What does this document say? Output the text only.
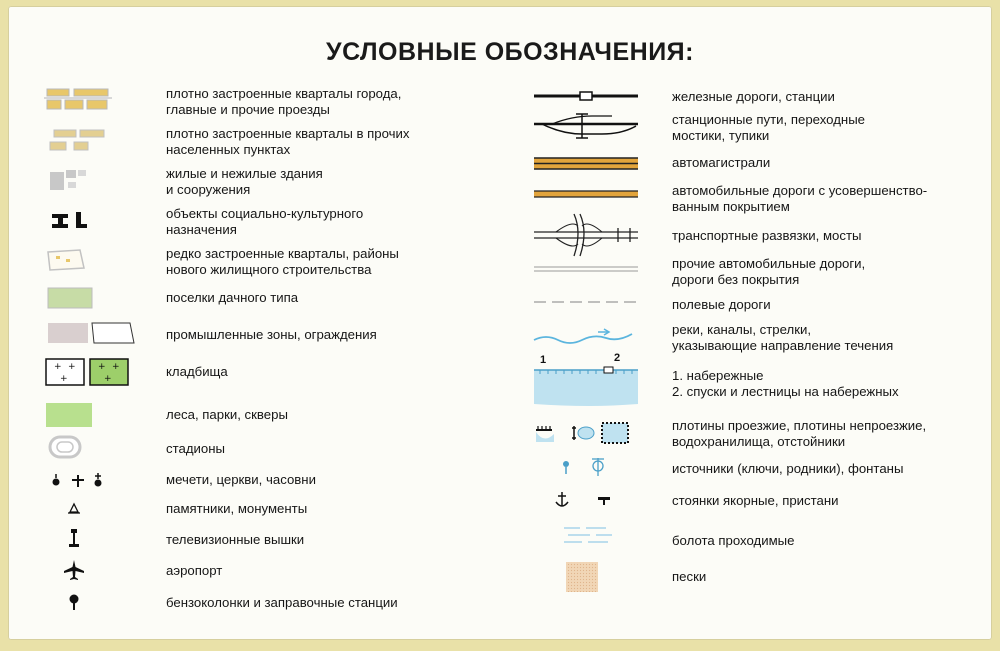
УСЛОВНЫЕ ОБОЗНАЧЕНИЯ:
плотно застроенные кварталы города,
главные и прочие проезды
плотно застроенные кварталы в прочих
населенных пунктах
жилые и нежилые здания
и сооружения
объекты социально-культурного
назначения
редко застроенные кварталы, районы
нового жилищного строительства
поселки дачного типа
промышленные зоны, ограждения
+ +
+
+ +
+	кладбища
леса, парки, скверы
стадионы
мечети, церкви, часовни
памятники, монументы
телевизионные вышки
аэропорт
бензоколонки и заправочные станции
железные дороги, станции
станционные пути, переходные
мостики, тупики
автомагистрали
автомобильные дороги с усовершенство-
ванным покрытием
транспортные развязки, мосты
прочие автомобильные дороги,
дороги без покрытия
полевые дороги
реки, каналы, стрелки,
указывающие направление течения
1	2
1. набережные
2. спуски и лестницы на набережных
плотины проезжие, плотины непроезжие,
водохранилища, отстойники
источники (ключи, родники), фонтаны
стоянки якорные, пристани
болота проходимые
пески
